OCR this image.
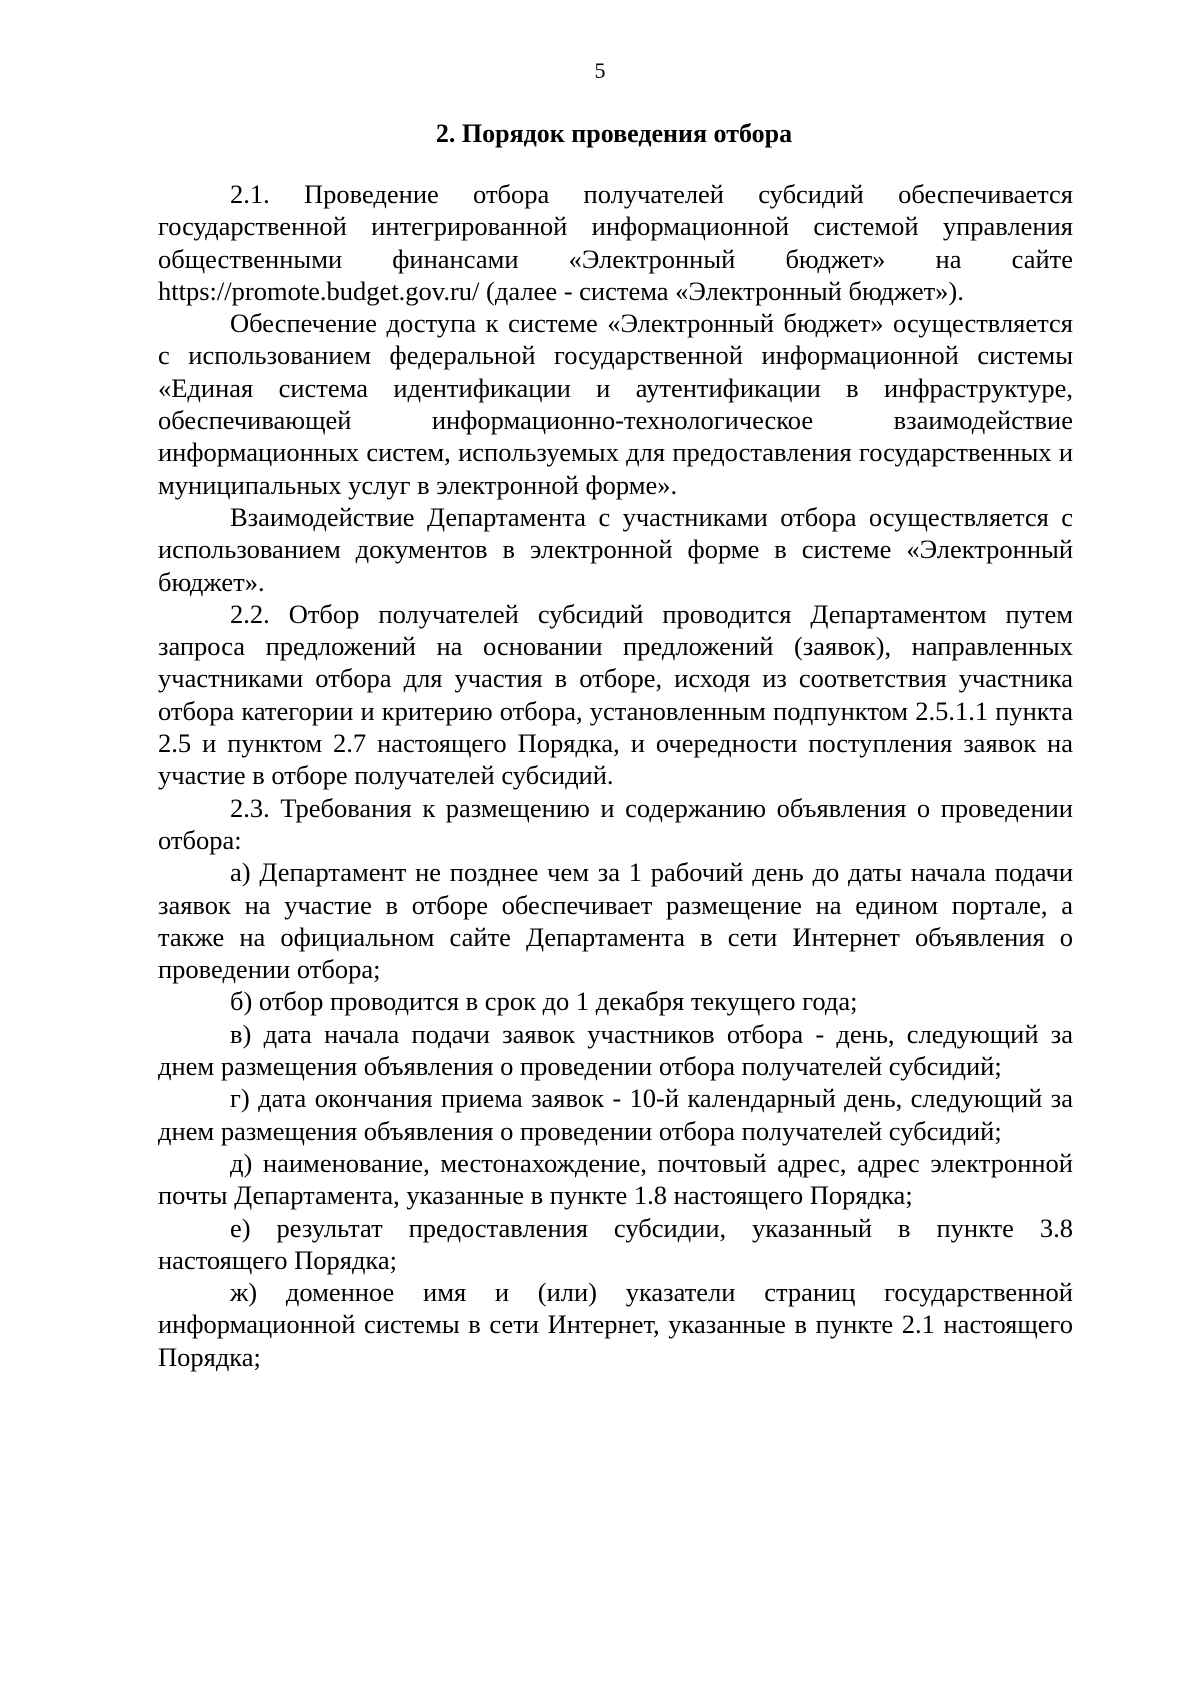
5
2. Порядок проведения отбора

2.1. Проведение отбора получателей субсидий обеспечивается государственной интегрированной информационной системой управления общественными финансами «Электронный бюджет» на сайте https://promote.budget.gov.ru/ (далее - система «Электронный бюджет»).

Обеспечение доступа к системе «Электронный бюджет» осуществляется с использованием федеральной государственной информационной системы «Единая система идентификации и аутентификации в инфраструктуре, обеспечивающей информационно-технологическое взаимодействие информационных систем, используемых для предоставления государственных и муниципальных услуг в электронной форме».

Взаимодействие Департамента с участниками отбора осуществляется с использованием документов в электронной форме в системе «Электронный бюджет».

2.2. Отбор получателей субсидий проводится Департаментом путем запроса предложений на основании предложений (заявок), направленных участниками отбора для участия в отборе, исходя из соответствия участника отбора категории и критерию отбора, установленным подпунктом 2.5.1.1 пункта 2.5 и пунктом 2.7 настоящего Порядка, и очередности поступления заявок на участие в отборе получателей субсидий.

2.3. Требования к размещению и содержанию объявления о проведении отбора:

а) Департамент не позднее чем за 1 рабочий день до даты начала подачи заявок на участие в отборе обеспечивает размещение на едином портале, а также на официальном сайте Департамента в сети Интернет объявления о проведении отбора;

б) отбор проводится в срок до 1 декабря текущего года;

в) дата начала подачи заявок участников отбора - день, следующий за днем размещения объявления о проведении отбора получателей субсидий;

г) дата окончания приема заявок - 10-й календарный день, следующий за днем размещения объявления о проведении отбора получателей субсидий;

д) наименование, местонахождение, почтовый адрес, адрес электронной почты Департамента, указанные в пункте 1.8 настоящего Порядка;

е) результат предоставления субсидии, указанный в пункте 3.8 настоящего Порядка;

ж) доменное имя и (или) указатели страниц государственной информационной системы в сети Интернет, указанные в пункте 2.1 настоящего Порядка;
